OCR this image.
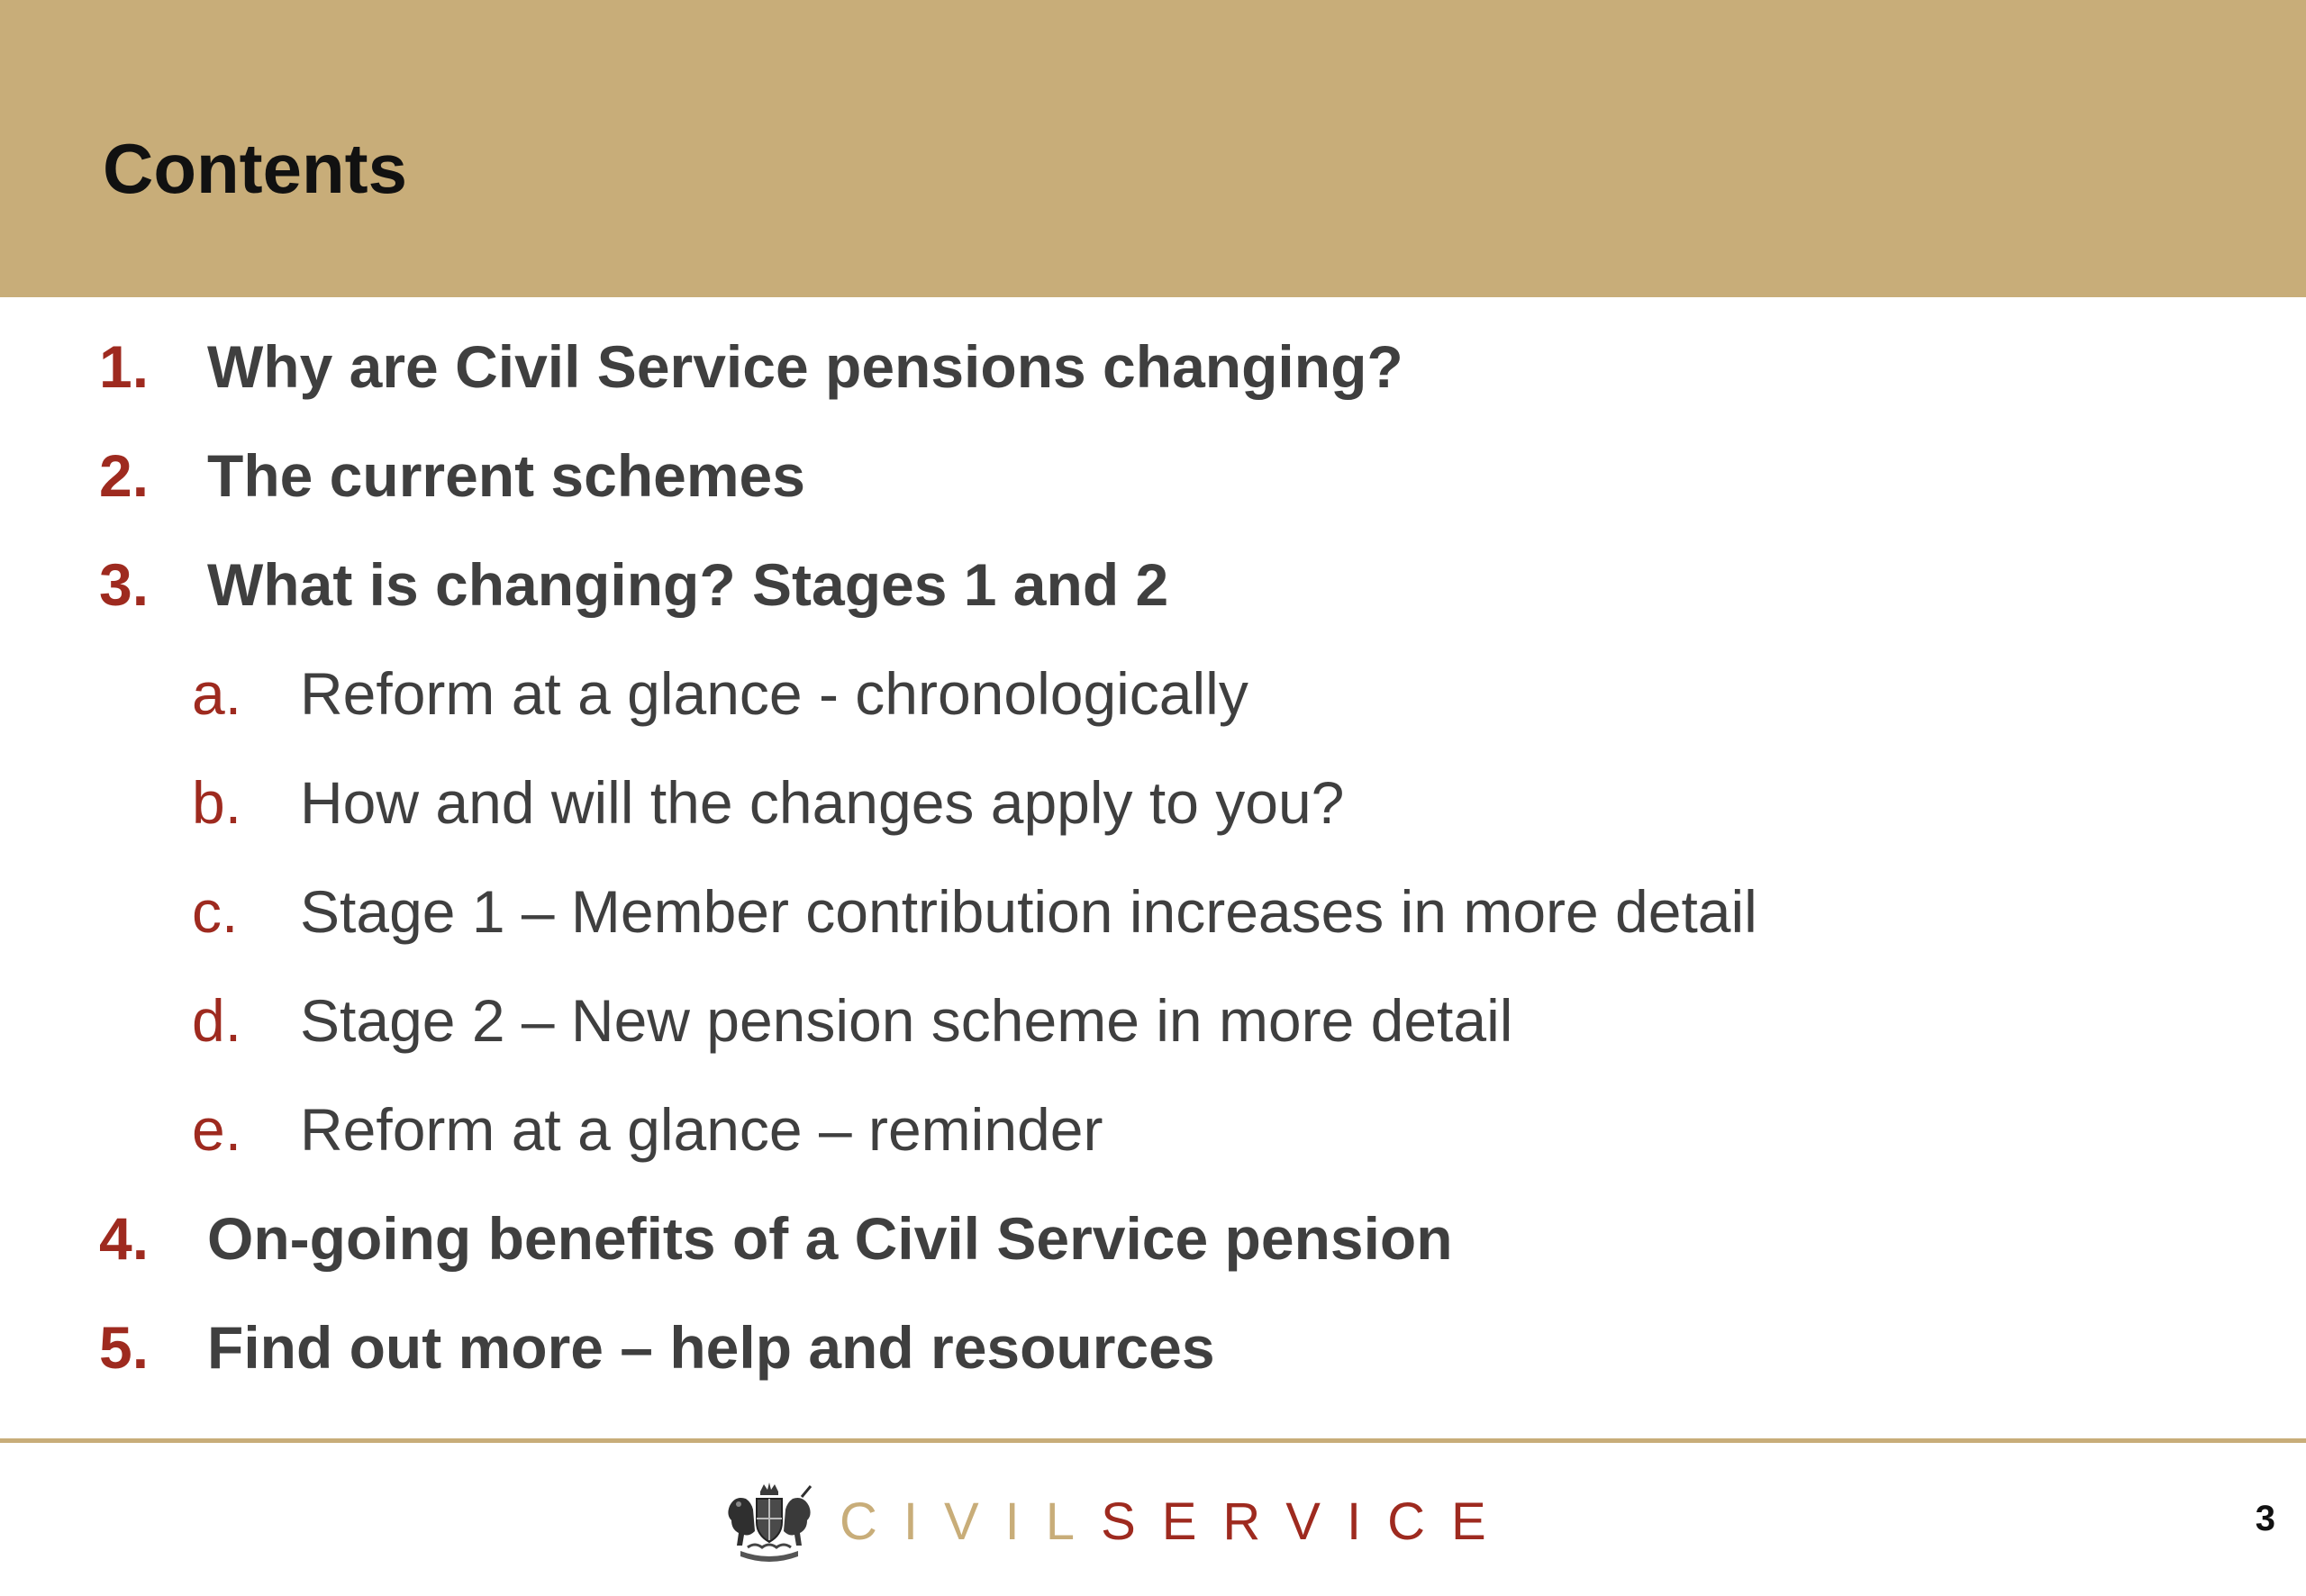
Contents
1. Why are Civil Service pensions changing?
2. The current schemes
3. What is changing? Stages 1 and 2
a. Reform at a glance - chronologically
b. How and will the changes apply to you?
c. Stage 1 – Member contribution increases in more detail
d. Stage 2 – New pension scheme in more detail
e. Reform at a glance – reminder
4. On-going benefits of a Civil Service pension
5. Find out more – help and resources
CIVILSERVICE	3
